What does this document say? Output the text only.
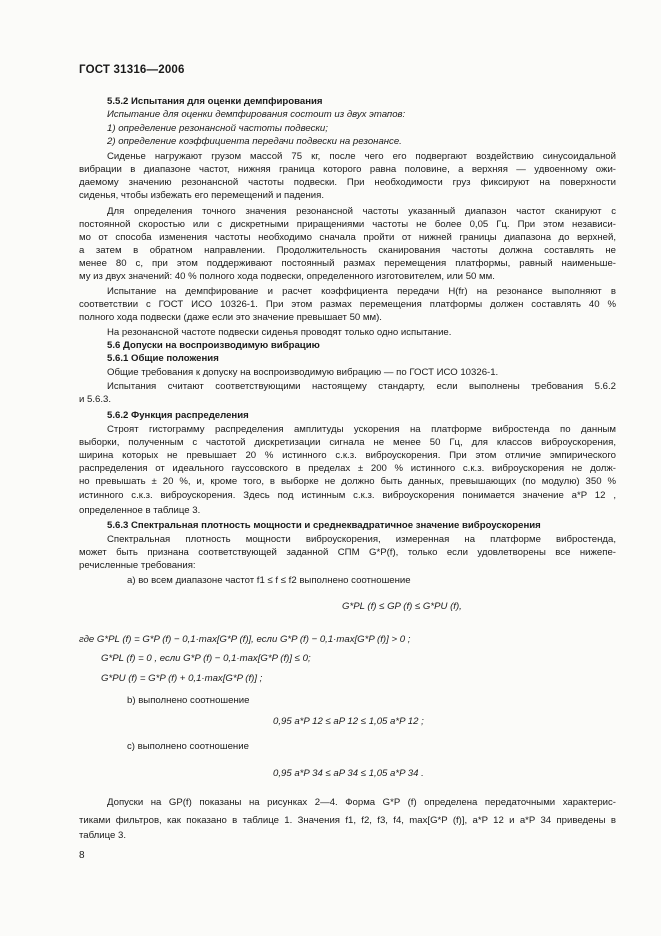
ГОСТ 31316—2006
5.5.2 Испытания для оценки демпфирования
Испытание для оценки демпфирования состоит из двух этапов:
1) определение резонансной частоты подвески;
2) определение коэффициента передачи подвески на резонансе.
Сиденье нагружают грузом массой 75 кг, после чего его подвергают воздействию синусоидальной
вибрации в диапазоне частот, нижняя граница которого равна половине, а верхняя — удвоенному ожи-
даемому значению резонансной частоты подвески. При необходимости груз фиксируют на поверхности
сиденья, чтобы избежать его перемещений и падения.
Для определения точного значения резонансной частоты указанный диапазон частот сканируют с
постоянной скоростью или с дискретными приращениями частоты не более 0,05 Гц. При этом независи-
мо от способа изменения частоты необходимо сначала пройти от нижней границы диапазона до верхней,
а затем в обратном направлении. Продолжительность сканирования частоты должна составлять не
менее 80 с, при этом поддерживают постоянный размах перемещения платформы, равный наименьше-
му из двух значений: 40 % полного хода подвески, определенного изготовителем, или 50 мм.
Испытание на демпфирование и расчет коэффициента передачи H(fr) на резонансе выполняют в
соответствии с ГОСТ ИСО 10326-1. При этом размах перемещения платформы должен составлять 40 %
полного хода подвески (даже если это значение превышает 50 мм).
На резонансной частоте подвески сиденья проводят только одно испытание.
5.6 Допуски на воспроизводимую вибрацию
5.6.1 Общие положения
Общие требования к допуску на воспроизводимую вибрацию — по ГОСТ ИСО 10326-1.
Испытания считают соответствующими настоящему стандарту, если выполнены требования 5.6.2
и 5.6.3.
5.6.2 Функция распределения
Строят гистограмму распределения амплитуды ускорения на платформе вибростенда по данным
выборки, полученным с частотой дискретизации сигнала не менее 50 Гц, для классов виброускорения,
ширина которых не превышает 20 % истинного с.к.з. виброускорения. При этом отличие эмпирического
распределения от идеального гауссовского в пределах ± 200 % истинного с.к.з. виброускорения не долж-
но превышать ± 20 %, и, кроме того, в выборке не должно быть данных, превышающих (по модулю) 350 %
истинного с.к.з. виброускорения. Здесь под истинным с.к.з. виброускорения понимается значение a*P 12 ,
определенное в таблице 3.
5.6.3 Спектральная плотность мощности и среднеквадратичное значение виброускорения
Спектральная плотность мощности виброускорения, измеренная на платформе вибростенда,
может быть признана соответствующей заданной СПМ G*P(f), только если удовлетворены все нижепе-
речисленные требования:
а) во всем диапазоне частот f1 ≤ f ≤ f2 выполнено соотношение
G*PL (f) ≤ GP (f) ≤ G*PU (f),
где G*PL (f) = G*P (f) − 0,1·max[G*P (f)], если G*P (f) − 0,1·max[G*P (f)] > 0 ;
G*PL (f) = 0 , если G*P (f) − 0,1·max[G*P (f)] ≤ 0;
G*PU (f) = G*P (f) + 0,1·max[G*P (f)] ;
b) выполнено соотношение
0,95 a*P 12 ≤ aP 12 ≤ 1,05 a*P 12 ;
c) выполнено соотношение
0,95 a*P 34 ≤ aP 34 ≤ 1,05 a*P 34 .
Допуски на GP(f) показаны на рисунках 2—4. Форма G*P (f) определена передаточными характерис-
тиками фильтров, как показано в таблице 1. Значения f1, f2, f3, f4, max[G*P (f)], a*P 12 и a*P 34 приведены в
таблице 3.
8
